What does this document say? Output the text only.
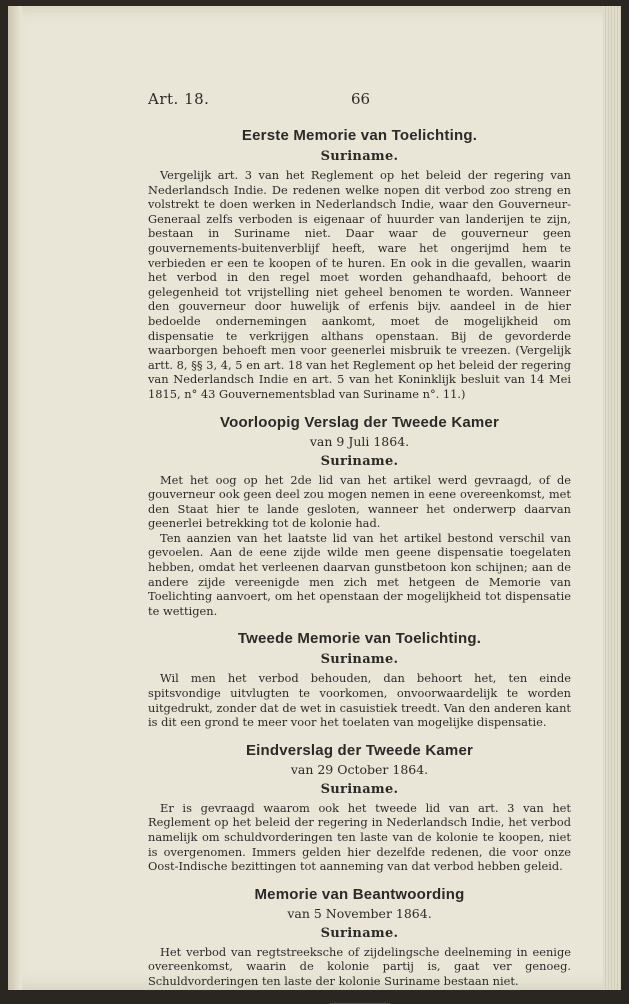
Art. 18.	66
Eerste Memorie van Toelichting.
Suriname.

Vergelijk art. 3 van het Reglement op het beleid der regering van Nederlandsch Indie. De redenen welke nopen dit verbod zoo streng en volstrekt te doen werken in Nederlandsch Indie, waar den Gouverneur-Generaal zelfs verboden is eigenaar of huurder van landerijen te zijn, bestaan in Suriname niet. Daar waar de gouverneur geen gouvernements-buitenverblijf heeft, ware het ongerijmd hem te verbieden er een te koopen of te huren. En ook in die gevallen, waarin het verbod in den regel moet worden gehandhaafd, behoort de gelegenheid tot vrijstelling niet geheel benomen te worden. Wanneer den gouverneur door huwelijk of erfenis bijv. aandeel in de hier bedoelde ondernemingen aankomt, moet de mogelijkheid om dispensatie te verkrijgen althans openstaan. Bij de gevorderde waarborgen behoeft men voor geenerlei misbruik te vreezen. (Vergelijk artt. 8, §§ 3, 4, 5 en art. 18 van het Reglement op het beleid der regering van Nederlandsch Indie en art. 5 van het Koninklijk besluit van 14 Mei 1815, n° 43 Gouvernementsblad van Suriname n°. 11.)

Voorloopig Verslag der Tweede Kamer
van 9 Juli 1864.
Suriname.

Met het oog op het 2de lid van het artikel werd gevraagd, of de gouverneur ook geen deel zou mogen nemen in eene overeenkomst, met den Staat hier te lande gesloten, wanneer het onderwerp daarvan geenerlei betrekking tot de kolonie had.

Ten aanzien van het laatste lid van het artikel bestond verschil van gevoelen. Aan de eene zijde wilde men geene dispensatie toegelaten hebben, omdat het verleenen daarvan gunstbetoon kon schijnen; aan de andere zijde vereenigde men zich met hetgeen de Memorie van Toelichting aanvoert, om het openstaan der mogelijkheid tot dispensatie te wettigen.

Tweede Memorie van Toelichting.
Suriname.

Wil men het verbod behouden, dan behoort het, ten einde spitsvondige uitvlugten te voorkomen, onvoorwaardelijk te worden uitgedrukt, zonder dat de wet in casuistiek treedt. Van den anderen kant is dit een grond te meer voor het toelaten van mogelijke dispensatie.

Eindverslag der Tweede Kamer
van 29 October 1864.
Suriname.

Er is gevraagd waarom ook het tweede lid van art. 3 van het Reglement op het beleid der regering in Nederlandsch Indie, het verbod namelijk om schuldvorderingen ten laste van de kolonie te koopen, niet is overgenomen. Immers gelden hier dezelfde redenen, die voor onze Oost-Indische bezittingen tot aanneming van dat verbod hebben geleid.

Memorie van Beantwoording
van 5 November 1864.
Suriname.

Het verbod van regtstreeksche of zijdelingsche deelneming in eenige overeenkomst, waarin de kolonie partij is, gaat ver genoeg. Schuldvorderingen ten laste der kolonie Suriname bestaan niet.
